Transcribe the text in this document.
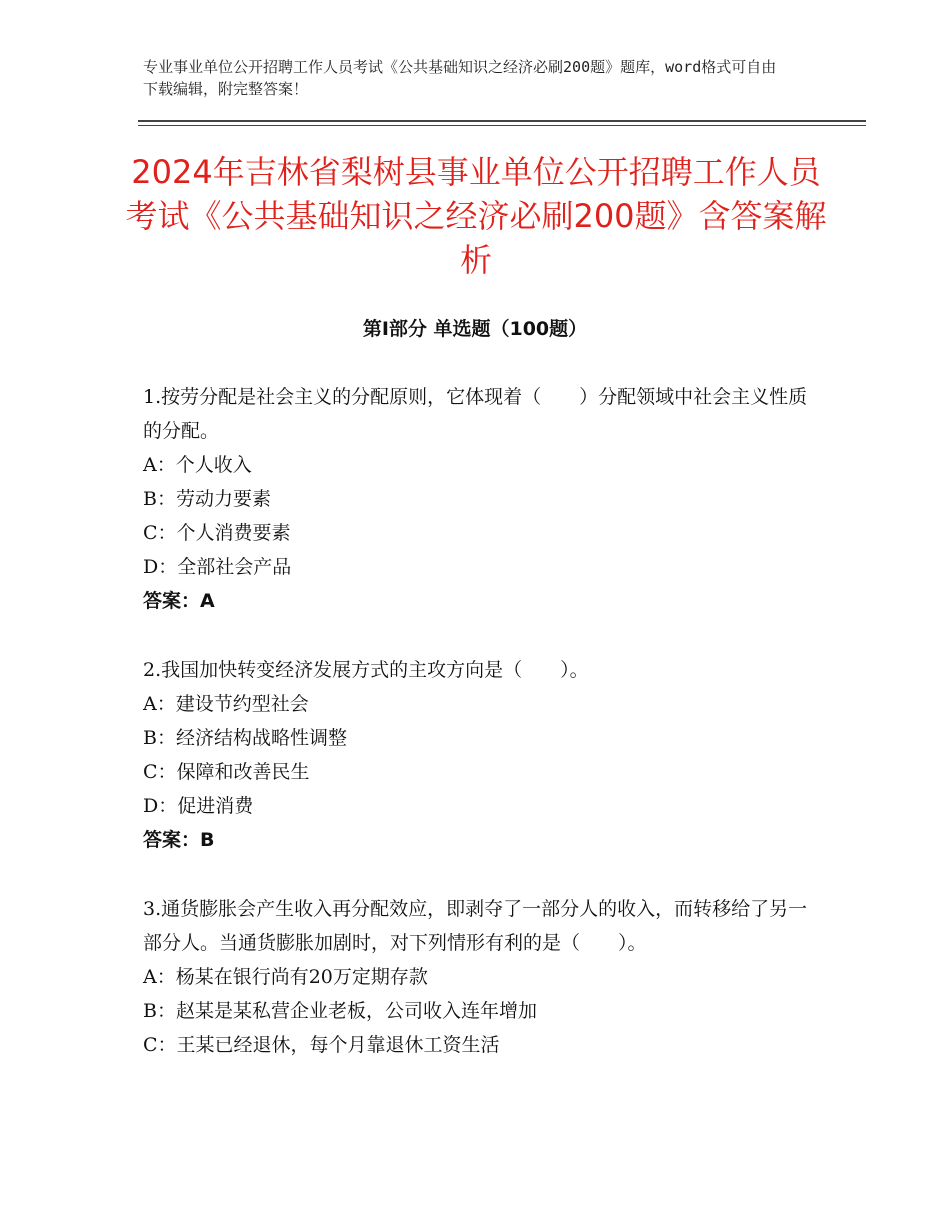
专业事业单位公开招聘工作人员考试《公共基础知识之经济必刷200题》题库，word格式可自由下载编辑，附完整答案！
2024年吉林省梨树县事业单位公开招聘工作人员考试《公共基础知识之经济必刷200题》含答案解析
第Ⅰ部分 单选题（100题）
1.按劳分配是社会主义的分配原则，它体现着（　　）分配领域中社会主义性质的分配。
A：个人收入
B：劳动力要素
C：个人消费要素
D：全部社会产品
答案：A
2.我国加快转变经济发展方式的主攻方向是（　　）。
A：建设节约型社会
B：经济结构战略性调整
C：保障和改善民生
D：促进消费
答案：B
3.通货膨胀会产生收入再分配效应，即剥夺了一部分人的收入，而转移给了另一部分人。当通货膨胀加剧时，对下列情形有利的是（　　）。
A：杨某在银行尚有20万定期存款
B：赵某是某私营企业老板，公司收入连年增加
C：王某已经退休，每个月靠退休工资生活
